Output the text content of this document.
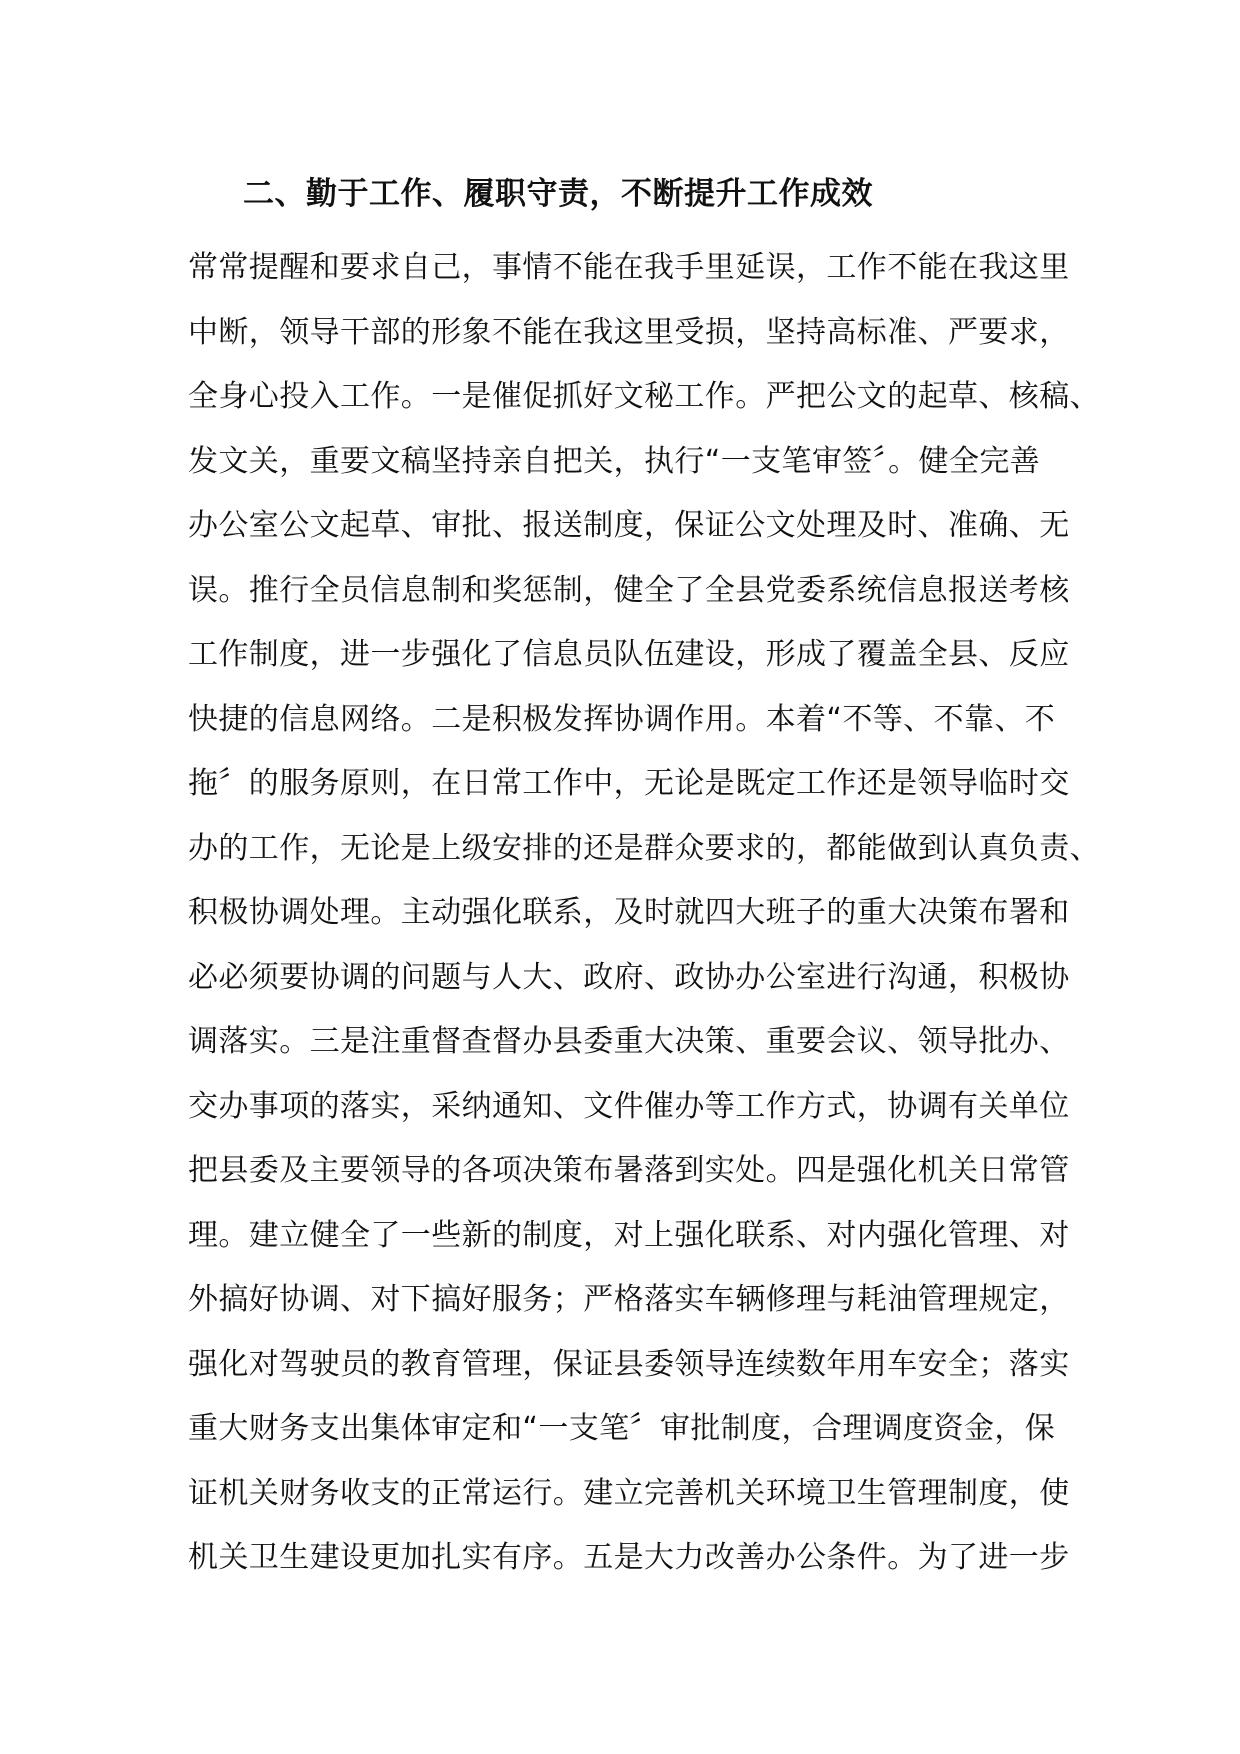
二、勤于工作、履职守责，不断提升工作成效
常常提醒和要求自己，事情不能在我手里延误，工作不能在我这里
中断，领导干部的形象不能在我这里受损，坚持高标准、严要求，
全身心投入工作。一是催促抓好文秘工作。严把公文的起草、核稿、
发文关，重要文稿坚持亲自把关，执行“一支笔审签〞。健全完善
办公室公文起草、审批、报送制度，保证公文处理及时、准确、无
误。推行全员信息制和奖惩制，健全了全县党委系统信息报送考核
工作制度，进一步强化了信息员队伍建设，形成了覆盖全县、反应
快捷的信息网络。二是积极发挥协调作用。本着“不等、不靠、不
拖〞的服务原则，在日常工作中，无论是既定工作还是领导临时交
办的工作，无论是上级安排的还是群众要求的，都能做到认真负责、
积极协调处理。主动强化联系，及时就四大班子的重大决策布署和
必必须要协调的问题与人大、政府、政协办公室进行沟通，积极协
调落实。三是注重督查督办县委重大决策、重要会议、领导批办、
交办事项的落实，采纳通知、文件催办等工作方式，协调有关单位
把县委及主要领导的各项决策布暑落到实处。四是强化机关日常管
理。建立健全了一些新的制度，对上强化联系、对内强化管理、对
外搞好协调、对下搞好服务；严格落实车辆修理与耗油管理规定，
强化对驾驶员的教育管理，保证县委领导连续数年用车安全；落实
重大财务支出集体审定和“一支笔〞审批制度，合理调度资金，保
证机关财务收支的正常运行。建立完善机关环境卫生管理制度，使
机关卫生建设更加扎实有序。五是大力改善办公条件。为了进一步
